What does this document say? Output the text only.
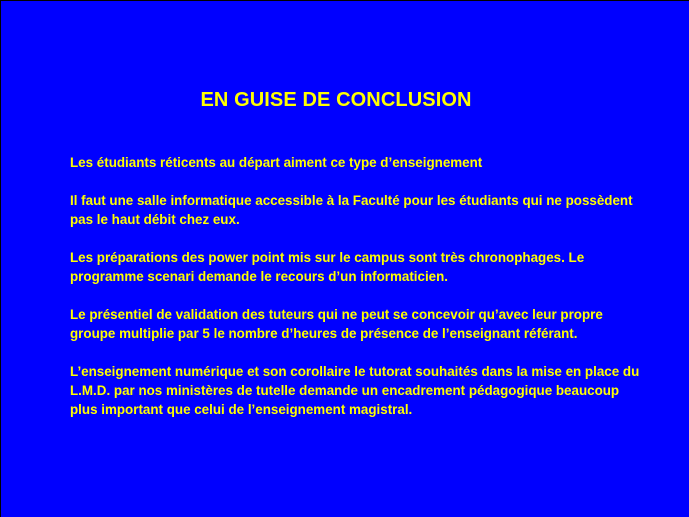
EN GUISE DE CONCLUSION

Les étudiants réticents au départ aiment ce type d’enseignement

Il faut une salle informatique accessible à la Faculté pour les étudiants qui ne possèdent pas le haut débit chez eux.

Les préparations des power point mis sur le campus sont très chronophages. Le programme scenari demande le recours d’un informaticien.

Le présentiel de validation des tuteurs qui ne peut se concevoir qu’avec leur propre groupe multiplie par 5 le nombre d’heures de présence de l’enseignant référant.

L’enseignement numérique et son corollaire le tutorat souhaités dans la mise en place du L.M.D. par nos ministères de tutelle demande un encadrement pédagogique beaucoup plus important que celui de l’enseignement magistral.
